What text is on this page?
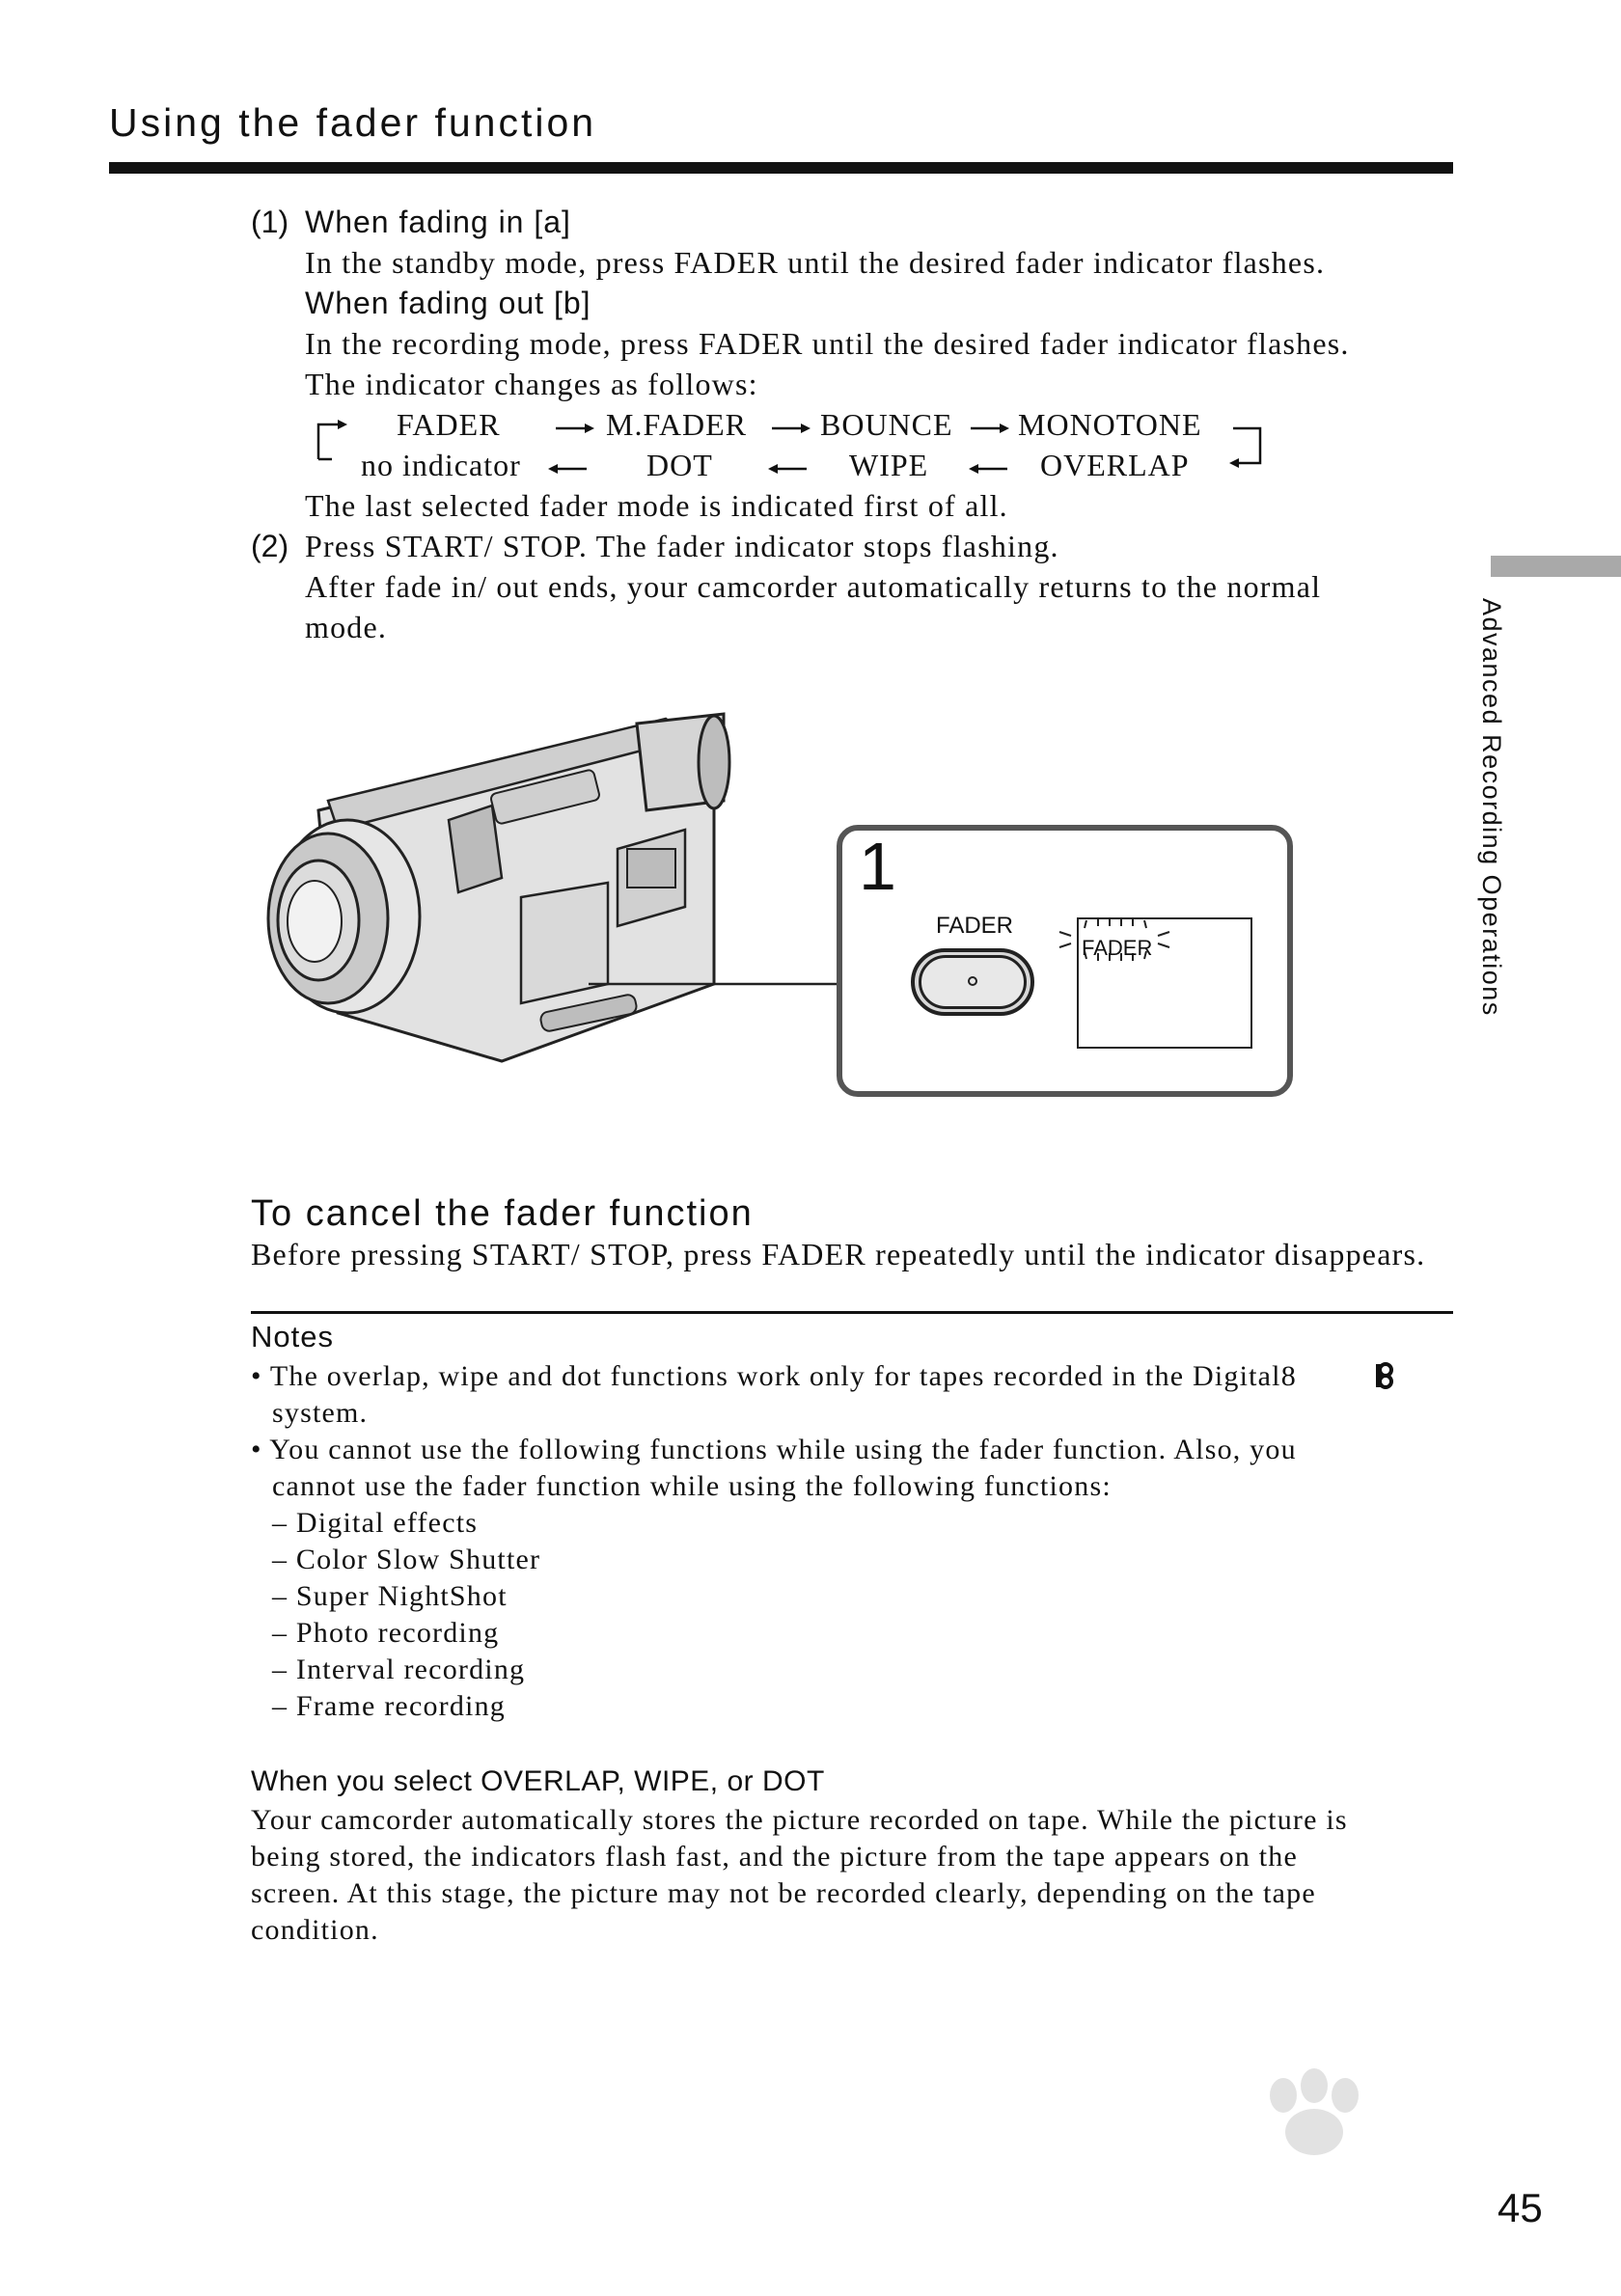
Using the fader function
(1) When fading in [a]
In the standby mode, press FADER until the desired fader indicator flashes.
When fading out [b]
In the recording mode, press FADER until the desired fader indicator flashes.
The indicator changes as follows:
FADER	M.FADER BOUNCE MONOTONE
no indicator	DOT	WIPE	OVERLAP
The last selected fader mode is indicated first of all.
(2) Press START/ STOP. The fader indicator stops flashing.
After fade in/ out ends, your camcorder automatically returns to the normal
mode.	Advanced Recording Operations
1
FADER
FADER
To cancel the fader function
Before pressing START/ STOP, press FADER repeatedly until the indicator disappears.
Notes
• The overlap, wipe and dot functions work only for tapes recorded in the Digital8
system.
• You cannot use the following functions while using the fader function. Also, you
cannot use the fader function while using the following functions:
– Digital effects
– Color Slow Shutter
– Super NightShot
– Photo recording
– Interval recording
– Frame recording
When you select OVERLAP, WIPE, or DOT
Your camcorder automatically stores the picture recorded on tape. While the picture is
being stored, the indicators flash fast, and the picture from the tape appears on the
screen. At this stage, the picture may not be recorded clearly, depending on the tape
condition.
45
